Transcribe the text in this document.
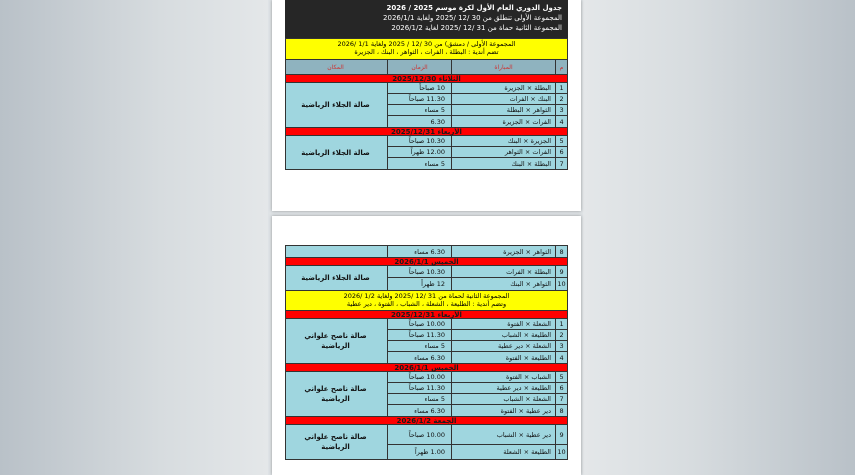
جدول الدوري العام الأول لكرة موسم 2025 / 2026
المجموعة الأولى تنطلق من 30 /12 /2025 ولغاية 2026/1/1
المجموعة الثانية حماة من 31 /12 /2025 لغاية 2026/1/2
المجموعة الأولى / دمشق) من 30 /12 / 2025 ولغاية 1/1 /2026
تضم أندية : البطلة ، الفرات ، الثواهر ، البنك ، الجزيرة
م
المباراة
الزمان
المكان
الثلاثاء 2025/12/30
1
البطلة × الجزيرة
10 صباحاً
2
البنك × الفرات
11.30 صباحاً
3
الثواهر × البطلة
5 مساء
4
الفرات × الجزيرة
6.30
صالة الجلاء الرياضية
الأربعاء 2025/12/31
5
الجزيرة × البنك
10.30 صباحاً
6
الفرات × الثواهر
12.00 ظهراً
7
البطلة × البنك
5 مساء
صالة الجلاء الرياضية
8
الثواهر × الجزيرة
6.30 مساء
الخميس 2026/1/1
9
البطلة × الفرات
10.30 صباحاً
10
الثواهر × البنك
12 ظهراً
صالة الجلاء الرياضية
المجموعة الثانية لحماة من 31 /12 /2025 ولغاية 1/2 /2026
وتضم أندية : الطليعة ، الشعلة ، الشباب ، الفتوة ، دير عطية
الأربعاء 2025/12/31
1
الشعلة × الفتوة
10.00 صباحاً
2
الطليعة × الشباب
11.30 صباحاً
3
الشعلة × دير عطية
5 مساء
4
الطليعة × الفتوة
6.30 مساء
صالة ناصح علواني الرياضية
الخميس 2026/1/1
5
الشباب × الفتوة
10.00 صباحاً
6
الطليعة × دير عطية
11.30 صباحاً
7
الشعلة × الشباب
5 مساء
8
دير عطية × الفتوة
6.30 مساء
صالة ناصح علواني الرياضية
الجمعة 2026/1/2
9
دير عطية × الشباب
10.00 صباحاً
10
الطليعة × الشعلة
1.00 ظهراً
صالة ناصح علواني الرياضية
